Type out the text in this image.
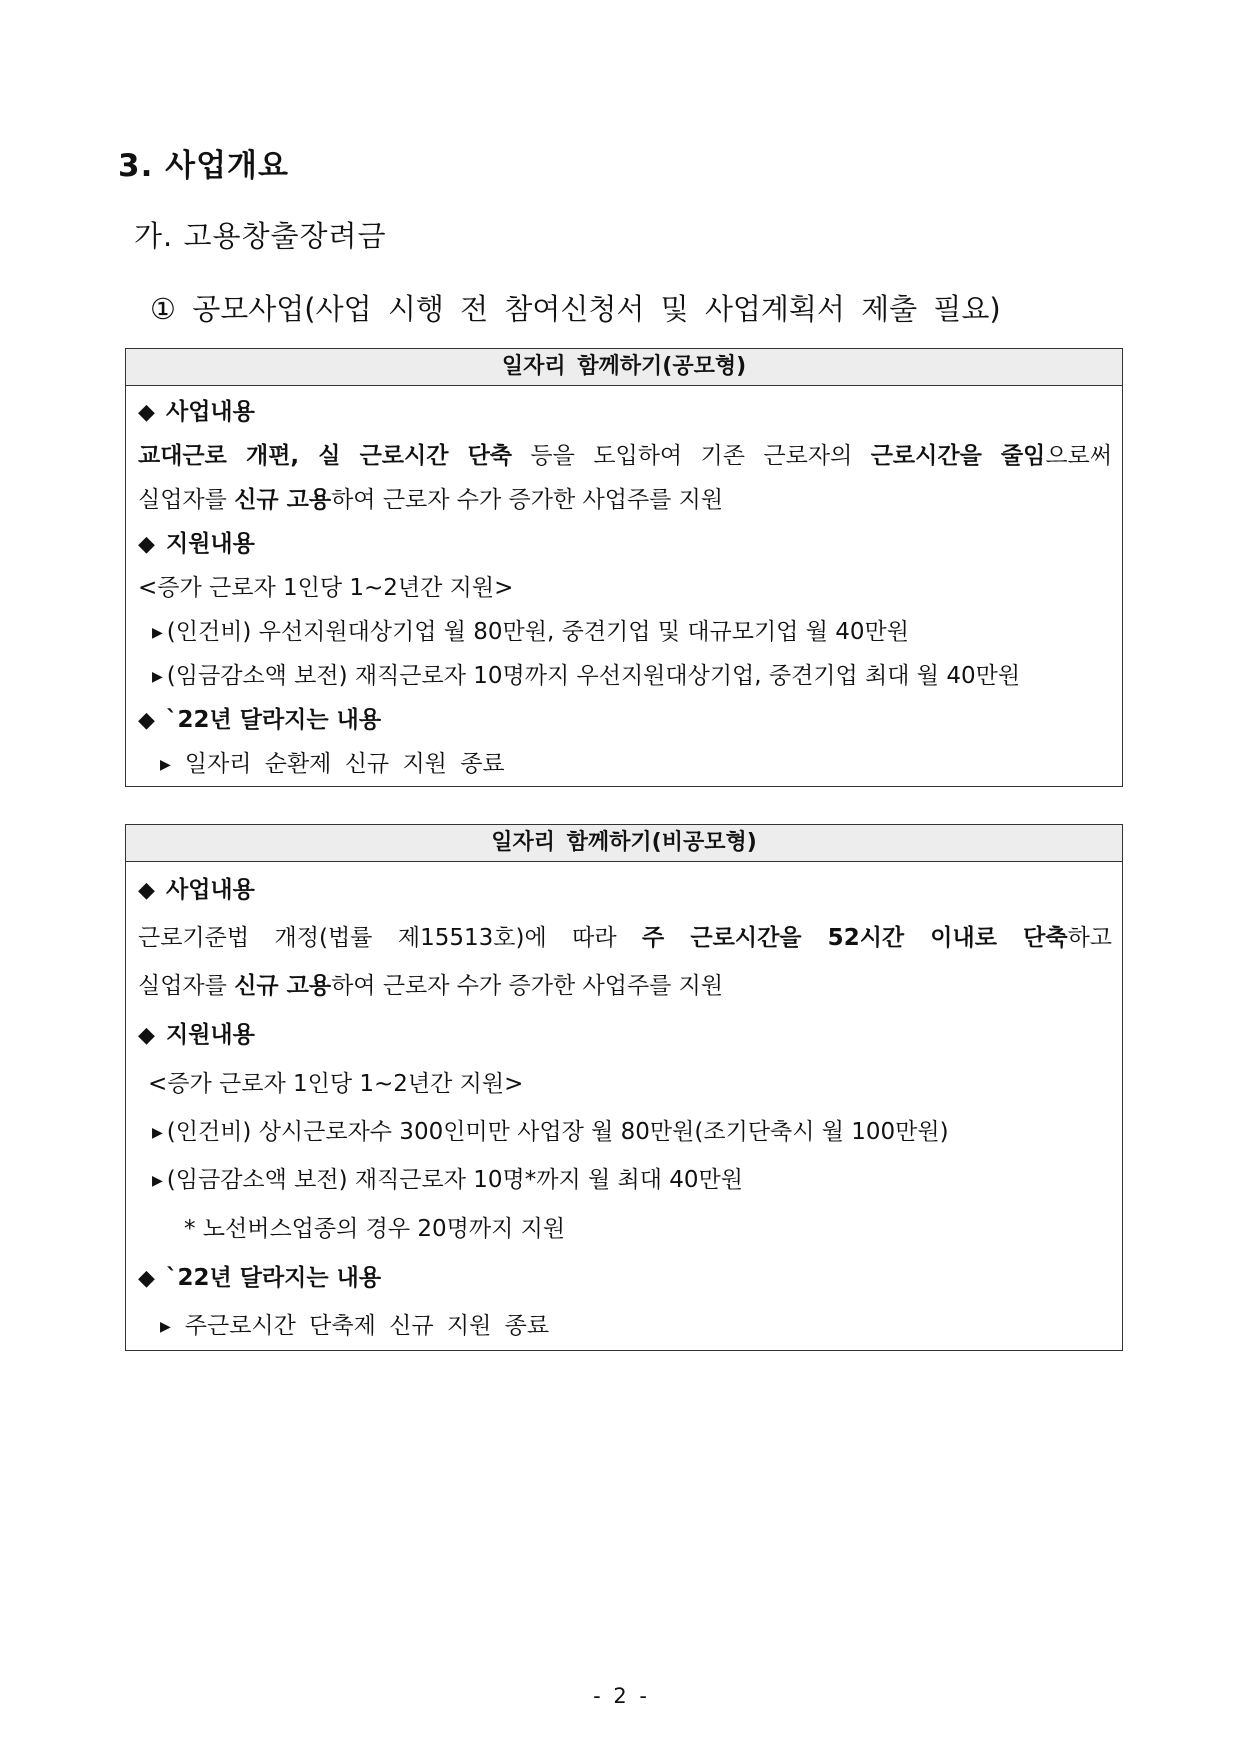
3. 사업개요
가. 고용창출장려금
① 공모사업(사업 시행 전 참여신청서 및 사업계획서 제출 필요)
일자리 함께하기(공모형)
◆ 사업내용
교대근로 개편, 실 근로시간 단축 등을 도입하여 기존 근로자의 근로시간을 줄임으로써
실업자를 신규 고용하여 근로자 수가 증가한 사업주를 지원
◆ 지원내용
<증가 근로자 1인당 1~2년간 지원>
▶ (인건비) 우선지원대상기업 월 80만원, 중견기업 및 대규모기업 월 40만원
▶ (임금감소액 보전) 재직근로자 10명까지 우선지원대상기업, 중견기업 최대 월 40만원
◆ `22년 달라지는 내용
▶ 일자리 순환제 신규 지원 종료
일자리 함께하기(비공모형)
◆ 사업내용
근로기준법 개정(법률 제15513호)에 따라 주 근로시간을 52시간 이내로 단축하고
실업자를 신규 고용하여 근로자 수가 증가한 사업주를 지원
◆ 지원내용
<증가 근로자 1인당 1~2년간 지원>
▶ (인건비) 상시근로자수 300인미만 사업장 월 80만원(조기단축시 월 100만원)
▶ (임금감소액 보전) 재직근로자 10명*까지 월 최대 40만원
* 노선버스업종의 경우 20명까지 지원
◆ `22년 달라지는 내용
▶ 주근로시간 단축제 신규 지원 종료
- 2 -
